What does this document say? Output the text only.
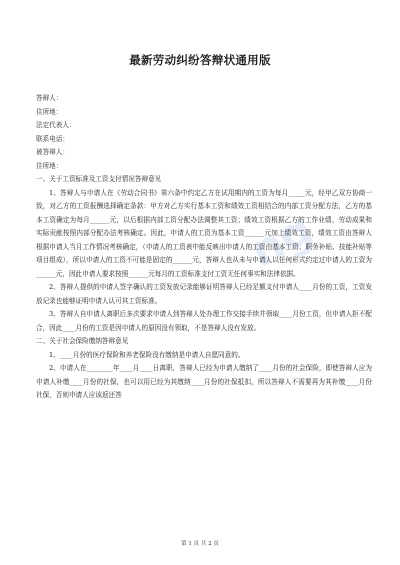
ng
最新劳动纠纷答辩状通用版
答辩人：
住所地：
法定代表人：
联系电话：
被答辩人：
住所地：
一、关于工资标准及工资支付情况答辩意见
1、答辩人与申请人在《劳动合同书》第六条中约定乙方在试用期内的工资为每月_____元，经甲乙双方协商一致，对乙方的工资报酬选择确定条款：甲方对乙方实行基本工资和绩效工资相结合的内部工资分配方法，乙方的基本工资确定为每月______元，以后根据内部工资分配办法调整其工资；绩效工资根据乙方的工作业绩、劳动成果和实际贡献按照内部分配办法考核确定。因此，申请人的工资为基本工资______元加上绩效工资，绩效工资由答辩人根据申请人当月工作情况考核确定，（申请人的工资表中能反映出申请人的工资由基本工资、职务补贴、技能补贴等项目组成），所以申请人的工资不可能是固定的______元，答辩人也从未与申请人以任何形式约定过申请人的工资为______元，因此申请人要求按照______元每月的工资标准支付工资无任何事实和法律依据。
2、答辩人提供的申请人签字确认的工资发放记录能够证明答辩人已经足额支付申请人____月份的工资，工资发放记录也能够证明申请人认可其工资标准。
3、答辩人自申请人离职后多次要求申请人到答辩人处办理工作交接手续并领取____月份工资，但申请人拒不配合，因此____月份的工资是因申请人的原因没有领取，不是答辩人没有发放。
二、关于社会保险缴纳答辩意见
1、____月份的医疗保险和养老保险没有缴纳是申请人自愿同意的。
2、申请人在________年____月____日离职，答辩人已经为申请人缴纳了____月份的社会保险，即使答辩人应为申请人补缴____月份的社保，也可以用已经为其缴纳____月份的社保抵扣，所以答辩人不需要再为其补缴____月份社保，否则申请人应该返还答
第 1 页 共 2 页
